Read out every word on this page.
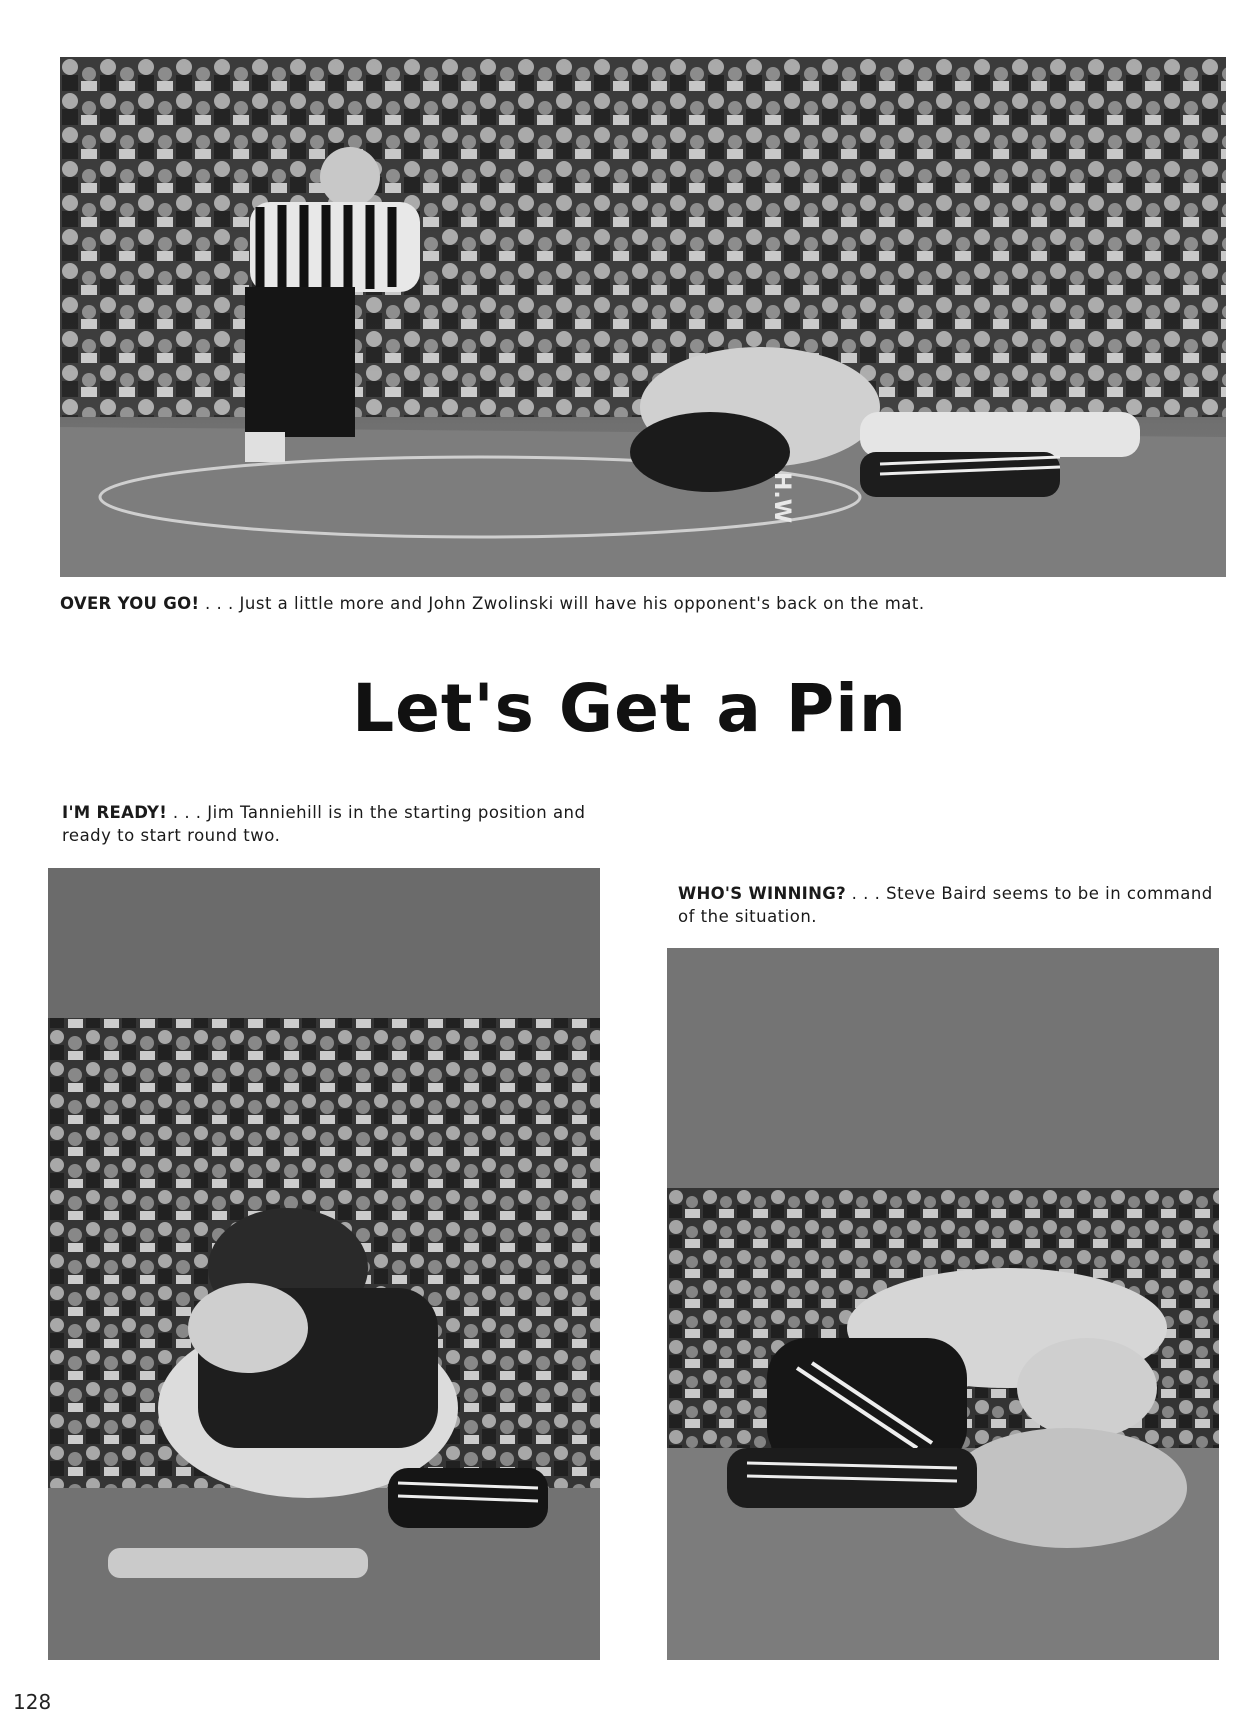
H.W
OVER YOU GO! . . . Just a little more and John Zwolinski will have his opponent's back on the mat.
Let's Get a Pin
I'M READY! . . . Jim Tanniehill is in the starting position and ready to start round two.
WHO'S WINNING? . . . Steve Baird seems to be in command of the situation.
128
